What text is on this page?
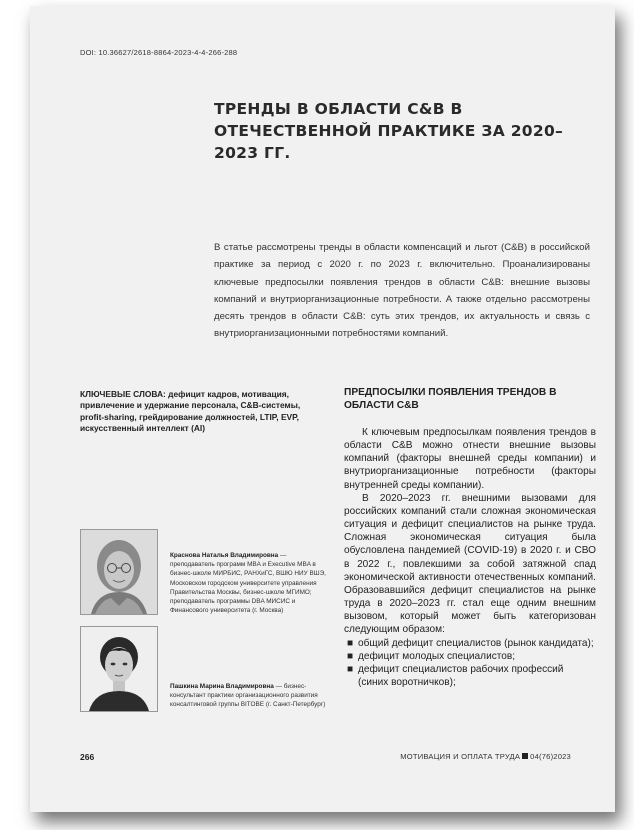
DOI: 10.36627/2618-8864-2023-4-4-266-288
ТРЕНДЫ В ОБЛАСТИ С&В В ОТЕЧЕСТВЕННОЙ ПРАКТИКЕ ЗА 2020–2023 ГГ.
В статье рассмотрены тренды в области компенсаций и льгот (С&В) в российской практике за период с 2020 г. по 2023 г. включительно. Проанализированы ключевые предпосылки появления трендов в области С&В: внешние вызовы компаний и внутриорганизационные потребности. А также отдельно рассмотрены десять трендов в области С&В: суть этих трендов, их актуальность и связь с внутриорганизационными потребностями компаний.
КЛЮЧЕВЫЕ СЛОВА: дефицит кадров, мотивация, привлечение и удержание персонала, С&В-системы, profit-sharing, грейдирование должностей, LTIP, EVP, искусственный интеллект (AI)
Краснова Наталья Владимировна — преподаватель программ MBA и Executive MBA в бизнес-школе МИРБИС, РАНХиГС, ВШЮ НИУ ВШЭ, Московском городском университете управления Правительства Москвы, бизнес-школе МГИМО; преподаватель программы DBA МИСИС и Финансового университета (г. Москва)
Пашкина Марина Владимировна — бизнес-консультант практики организационного развития консалтинговой группы BITOBE (г. Санкт-Петербург)
ПРЕДПОСЫЛКИ ПОЯВЛЕНИЯ ТРЕНДОВ В ОБЛАСТИ С&В

К ключевым предпосылкам появления трендов в области С&В можно отнести внешние вызовы компаний (факторы внешней среды компании) и внутриорганизационные потребности (факторы внутренней среды компании).

В 2020–2023 гг. внешними вызовами для российских компаний стали сложная экономическая ситуация и дефицит специалистов на рынке труда. Сложная экономическая ситуация была обусловлена пандемией (COVID-19) в 2020 г. и СВО в 2022 г., повлекшими за собой затяжной спад экономической активности отечественных компаний. Образовавшийся дефицит специалистов на рынке труда в 2020–2023 гг. стал еще одним внешним вызовом, который может быть категоризован следующим образом:

■ общий дефицит специалистов (рынок кандидата);
■ дефицит молодых специалистов;
■ дефицит специалистов рабочих профессий (синих воротничков);
266	МОТИВАЦИЯ И ОПЛАТА ТРУДА 04(76)2023
